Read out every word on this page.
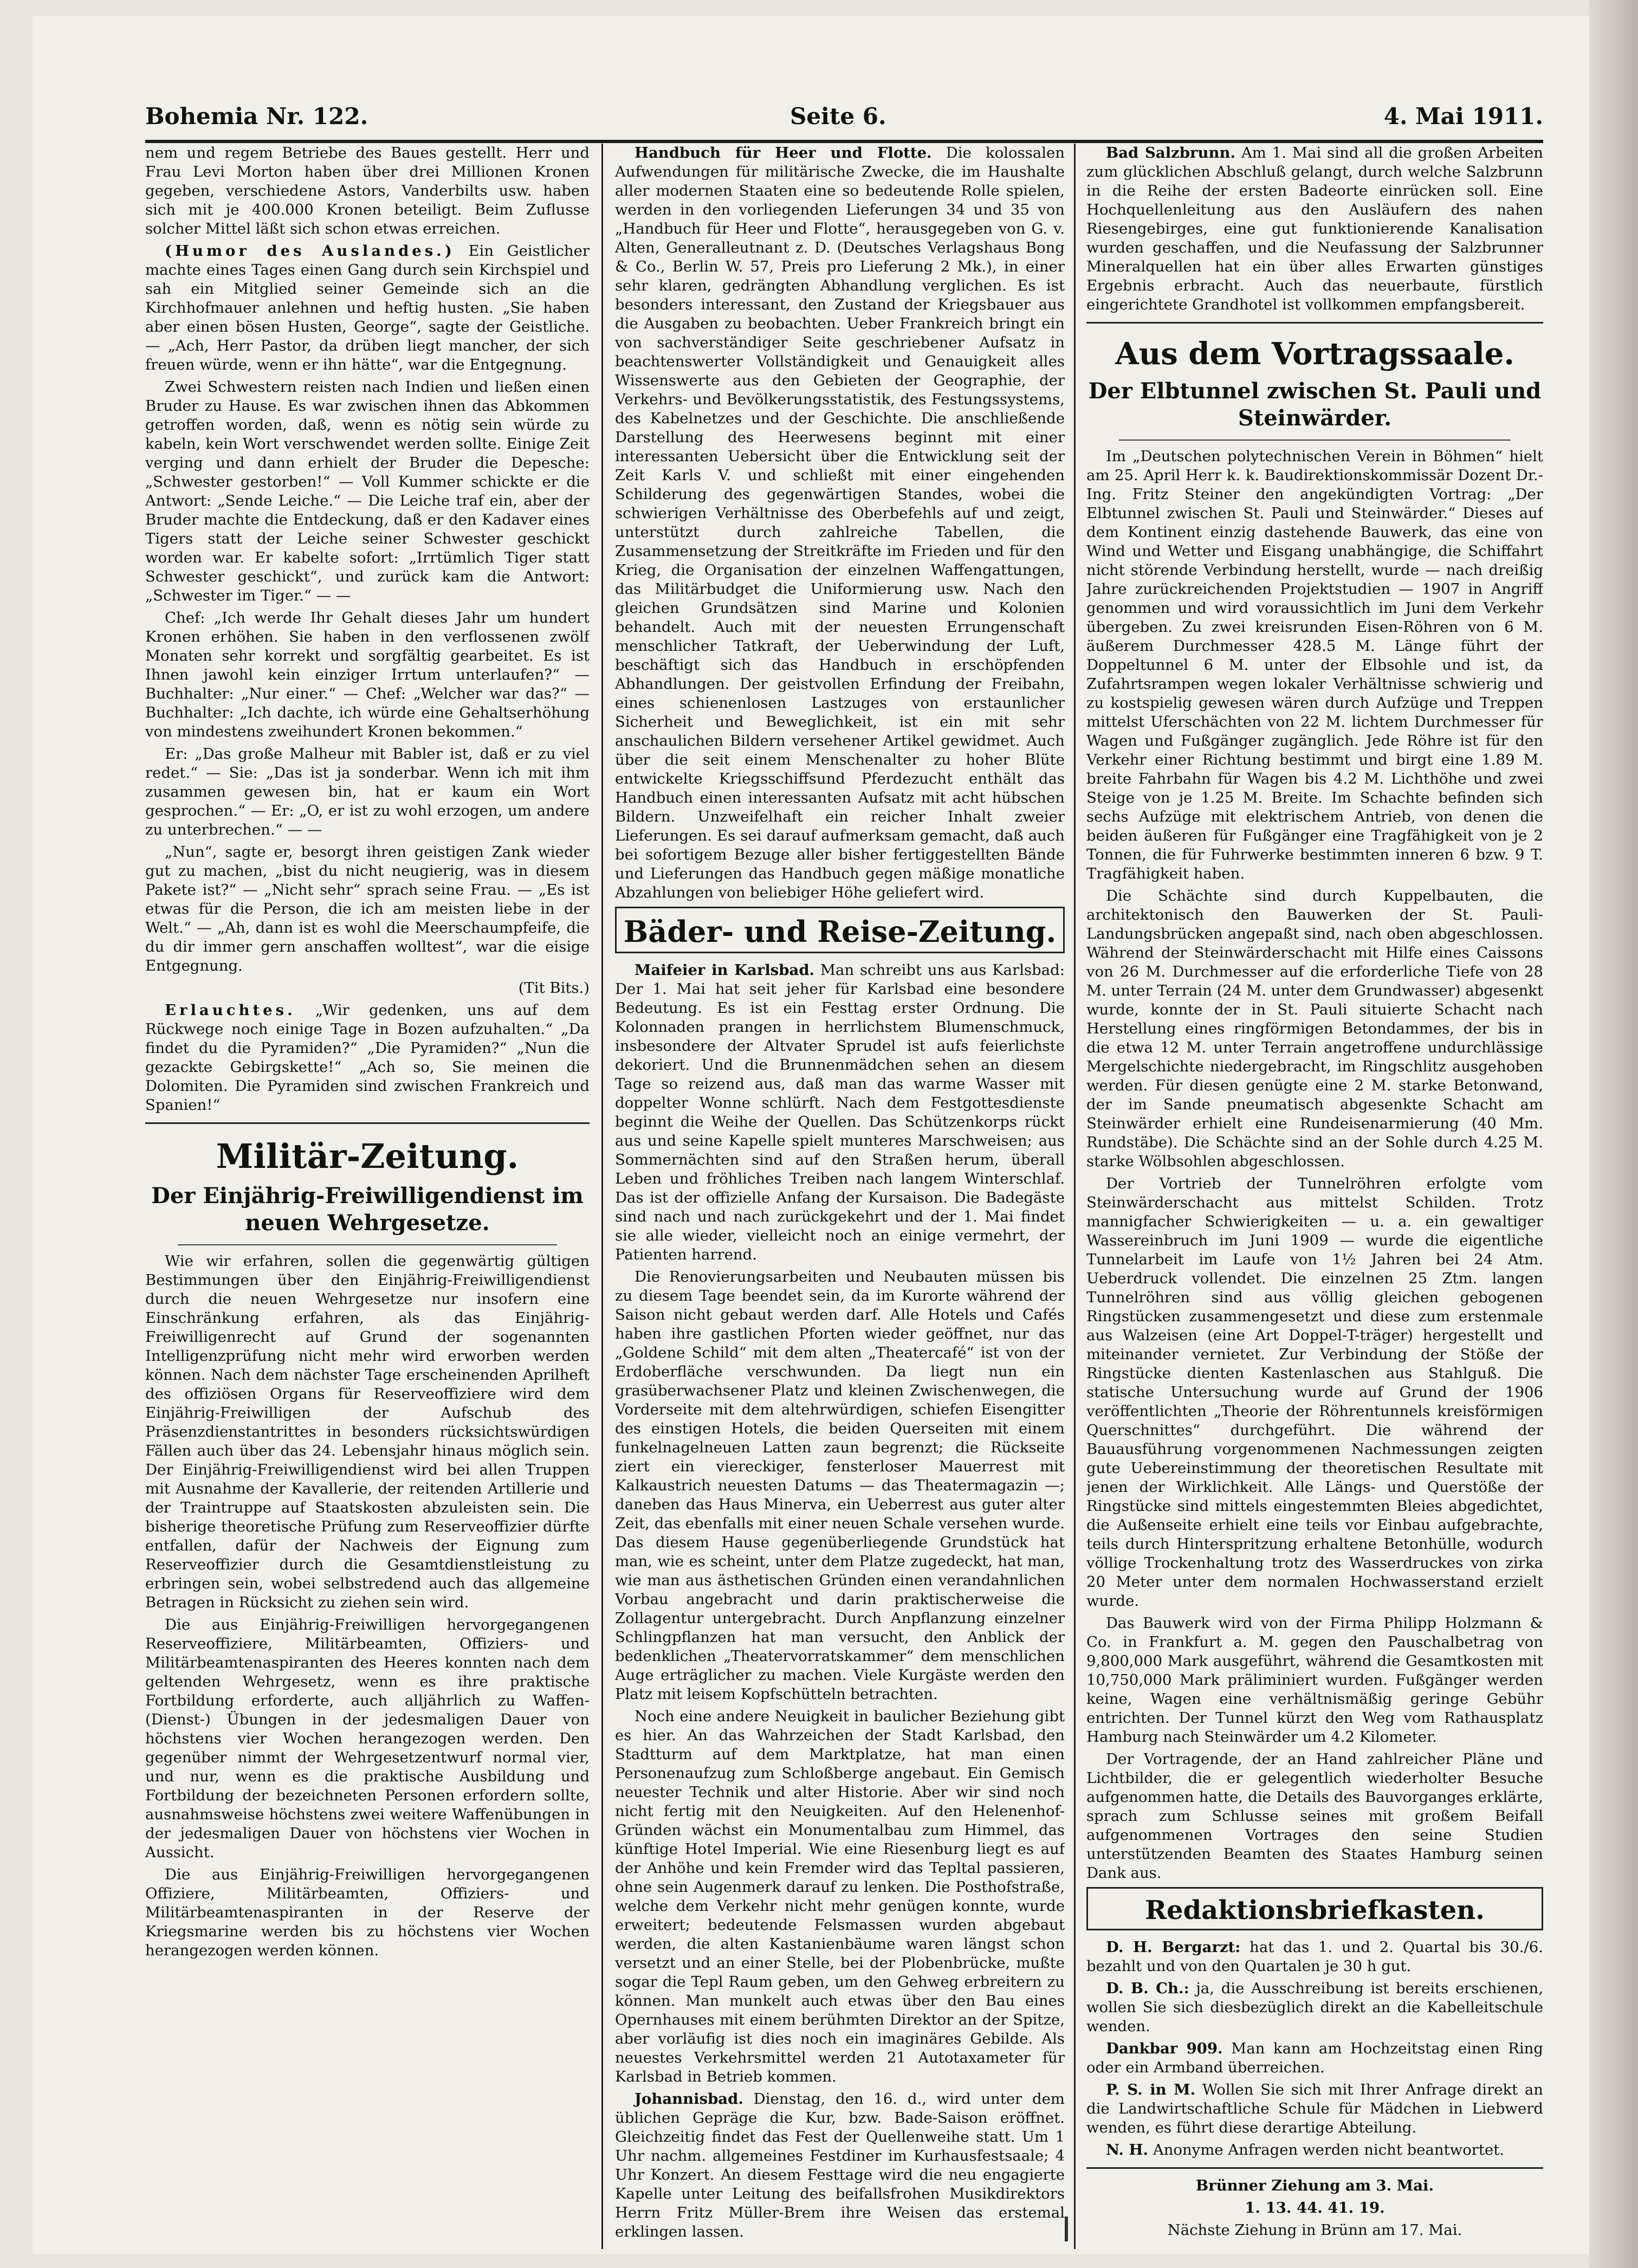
Bohemia Nr. 122.	Seite 6.	4. Mai 1911.

nem und regem Betriebe des Baues gestellt. Herr und Frau Levi Morton haben über drei Millionen Kronen gegeben, verschiedene Astors, Vanderbilts usw. haben sich mit je 400.000 Kronen beteiligt. Beim Zuflusse solcher Mittel läßt sich schon etwas erreichen.

(Humor des Auslandes.) Ein Geistlicher machte eines Tages einen Gang durch sein Kirchspiel und sah ein Mitglied seiner Gemeinde sich an die Kirchhofmauer anlehnen und heftig husten. „Sie haben aber einen bösen Husten, George“, sagte der Geistliche. — „Ach, Herr Pastor, da drüben liegt mancher, der sich freuen würde, wenn er ihn hätte“, war die Entgegnung.

Zwei Schwestern reisten nach Indien und ließen einen Bruder zu Hause. Es war zwischen ihnen das Abkommen getroffen worden, daß, wenn es nötig sein würde zu kabeln, kein Wort verschwendet werden sollte. Einige Zeit verging und dann erhielt der Bruder die Depesche: „Schwester gestorben!“ — Voll Kummer schickte er die Antwort: „Sende Leiche.“ — Die Leiche traf ein, aber der Bruder machte die Entdeckung, daß er den Kadaver eines Tigers statt der Leiche seiner Schwester geschickt worden war. Er kabelte sofort: „Irrtümlich Tiger statt Schwester geschickt“, und zurück kam die Antwort: „Schwester im Tiger.“ — —

Chef: „Ich werde Ihr Gehalt dieses Jahr um hundert Kronen erhöhen. Sie haben in den verflossenen zwölf Monaten sehr korrekt und sorgfältig gearbeitet. Es ist Ihnen jawohl kein einziger Irrtum unterlaufen?“ — Buchhalter: „Nur einer.“ — Chef: „Welcher war das?“ — Buchhalter: „Ich dachte, ich würde eine Gehaltserhöhung von mindestens zweihundert Kronen bekommen.“

Er: „Das große Malheur mit Babler ist, daß er zu viel redet.“ — Sie: „Das ist ja sonderbar. Wenn ich mit ihm zusammen gewesen bin, hat er kaum ein Wort gesprochen.“ — Er: „O, er ist zu wohl erzogen, um andere zu unterbrechen.“ — —

„Nun“, sagte er, besorgt ihren geistigen Zank wieder gut zu machen, „bist du nicht neugierig, was in diesem Pakete ist?“ — „Nicht sehr“ sprach seine Frau. — „Es ist etwas für die Person, die ich am meisten liebe in der Welt.“ — „Ah, dann ist es wohl die Meerschaumpfeife, die du dir immer gern anschaffen wolltest“, war die eisige Entgegnung.

(Tit Bits.)

Erlauchtes. „Wir gedenken, uns auf dem Rückwege noch einige Tage in Bozen aufzuhalten.“ „Da findet du die Pyramiden?“ „Die Pyramiden?“ „Nun die gezackte Gebirgskette!“ „Ach so, Sie meinen die Dolomiten. Die Pyramiden sind zwischen Frankreich und Spanien!“

Militär-Zeitung.
Der Einjährig-Freiwilligendienst im neuen Wehrgesetze.

Wie wir erfahren, sollen die gegenwärtig gültigen Bestimmungen über den Einjährig-Freiwilligendienst durch die neuen Wehrgesetze nur insofern eine Einschränkung erfahren, als das Einjährig-Freiwilligenrecht auf Grund der sogenannten Intelligenzprüfung nicht mehr wird erworben werden können. Nach dem nächster Tage erscheinenden Aprilheft des offiziösen Organs für Reserveoffiziere wird dem Einjährig-Freiwilligen der Aufschub des Präsenzdienstantrittes in besonders rücksichtswürdigen Fällen auch über das 24. Lebensjahr hinaus möglich sein. Der Einjährig-Freiwilligendienst wird bei allen Truppen mit Ausnahme der Kavallerie, der reitenden Artillerie und der Traintruppe auf Staatskosten abzuleisten sein. Die bisherige theoretische Prüfung zum Reserveoffizier dürfte entfallen, dafür der Nachweis der Eignung zum Reserveoffizier durch die Gesamtdienstleistung zu erbringen sein, wobei selbstredend auch das allgemeine Betragen in Rücksicht zu ziehen sein wird.

Die aus Einjährig-Freiwilligen hervorgegangenen Reserveoffiziere, Militärbeamten, Offiziers- und Militärbeamtenaspiranten des Heeres konnten nach dem geltenden Wehrgesetz, wenn es ihre praktische Fortbildung erforderte, auch alljährlich zu Waffen-(Dienst-) Übungen in der jedesmaligen Dauer von höchstens vier Wochen herangezogen werden. Den gegenüber nimmt der Wehrgesetzentwurf normal vier, und nur, wenn es die praktische Ausbildung und Fortbildung der bezeichneten Personen erfordern sollte, ausnahmsweise höchstens zwei weitere Waffenübungen in der jedesmaligen Dauer von höchstens vier Wochen in Aussicht.

Die aus Einjährig-Freiwilligen hervorgegangenen Offiziere, Militärbeamten, Offiziers- und Militärbeamtenaspiranten in der Reserve der Kriegsmarine werden bis zu höchstens vier Wochen herangezogen werden können.

Handbuch für Heer und Flotte. Die kolossalen Aufwendungen für militärische Zwecke, die im Haushalte aller modernen Staaten eine so bedeutende Rolle spielen, werden in den vorliegenden Lieferungen 34 und 35 von „Handbuch für Heer und Flotte“, herausgegeben von G. v. Alten, Generalleutnant z. D. (Deutsches Verlagshaus Bong & Co., Berlin W. 57, Preis pro Lieferung 2 Mk.), in einer sehr klaren, gedrängten Abhandlung verglichen. Es ist besonders interessant, den Zustand der Kriegsbauer aus die Ausgaben zu beobachten. Ueber Frankreich bringt ein von sachverständiger Seite geschriebener Aufsatz in beachtenswerter Vollständigkeit und Genauigkeit alles Wissenswerte aus den Gebieten der Geographie, der Verkehrs- und Bevölkerungsstatistik, des Festungssystems, des Kabelnetzes und der Geschichte. Die anschließende Darstellung des Heerwesens beginnt mit einer interessanten Uebersicht über die Entwicklung seit der Zeit Karls V. und schließt mit einer eingehenden Schilderung des gegenwärtigen Standes, wobei die schwierigen Verhältnisse des Oberbefehls auf und zeigt, unterstützt durch zahlreiche Tabellen, die Zusammensetzung der Streitkräfte im Frieden und für den Krieg, die Organisation der einzelnen Waffengattungen, das Militärbudget die Uniformierung usw. Nach den gleichen Grundsätzen sind Marine und Kolonien behandelt. Auch mit der neuesten Errungenschaft menschlicher Tatkraft, der Ueberwindung der Luft, beschäftigt sich das Handbuch in erschöpfenden Abhandlungen. Der geistvollen Erfindung der Freibahn, eines schienenlosen Lastzuges von erstaunlicher Sicherheit und Beweglichkeit, ist ein mit sehr anschaulichen Bildern versehener Artikel gewidmet. Auch über die seit einem Menschenalter zu hoher Blüte entwickelte Kriegsschiffsund Pferdezucht enthält das Handbuch einen interessanten Aufsatz mit acht hübschen Bildern. Unzweifelhaft ein reicher Inhalt zweier Lieferungen. Es sei darauf aufmerksam gemacht, daß auch bei sofortigem Bezuge aller bisher fertiggestellten Bände und Lieferungen das Handbuch gegen mäßige monatliche Abzahlungen von beliebiger Höhe geliefert wird.

Bäder- und Reise-Zeitung.

Maifeier in Karlsbad. Man schreibt uns aus Karlsbad: Der 1. Mai hat seit jeher für Karlsbad eine besondere Bedeutung. Es ist ein Festtag erster Ordnung. Die Kolonnaden prangen in herrlichstem Blumenschmuck, insbesondere der Altvater Sprudel ist aufs feierlichste dekoriert. Und die Brunnenmädchen sehen an diesem Tage so reizend aus, daß man das warme Wasser mit doppelter Wonne schlürft. Nach dem Festgottesdienste beginnt die Weihe der Quellen. Das Schützenkorps rückt aus und seine Kapelle spielt munteres Marschweisen; aus Sommernächten sind auf den Straßen herum, überall Leben und fröhliches Treiben nach langem Winterschlaf. Das ist der offizielle Anfang der Kursaison. Die Badegäste sind nach und nach zurückgekehrt und der 1. Mai findet sie alle wieder, vielleicht noch an einige vermehrt, der Patienten harrend.

Die Renovierungsarbeiten und Neubauten müssen bis zu diesem Tage beendet sein, da im Kurorte während der Saison nicht gebaut werden darf. Alle Hotels und Cafés haben ihre gastlichen Pforten wieder geöffnet, nur das „Goldene Schild“ mit dem alten „Theatercafé“ ist von der Erdoberfläche verschwunden. Da liegt nun ein grasüberwachsener Platz und kleinen Zwischenwegen, die Vorderseite mit dem altehrwürdigen, schiefen Eisengitter des einstigen Hotels, die beiden Querseiten mit einem funkelnagelneuen Latten zaun begrenzt; die Rückseite ziert ein viereckiger, fensterloser Mauerrest mit Kalkaustrich neuesten Datums — das Theatermagazin —; daneben das Haus Minerva, ein Ueberrest aus guter alter Zeit, das ebenfalls mit einer neuen Schale versehen wurde. Das diesem Hause gegenüberliegende Grundstück hat man, wie es scheint, unter dem Platze zugedeckt, hat man, wie man aus ästhetischen Gründen einen verandahnlichen Vorbau angebracht und darin praktischerweise die Zollagentur untergebracht. Durch Anpflanzung einzelner Schlingpflanzen hat man versucht, den Anblick der bedenklichen „Theatervorratskammer“ dem menschlichen Auge erträglicher zu machen. Viele Kurgäste werden den Platz mit leisem Kopfschütteln betrachten.

Noch eine andere Neuigkeit in baulicher Beziehung gibt es hier. An das Wahrzeichen der Stadt Karlsbad, den Stadtturm auf dem Marktplatze, hat man einen Personenaufzug zum Schloßberge angebaut. Ein Gemisch neuester Technik und alter Historie. Aber wir sind noch nicht fertig mit den Neuigkeiten. Auf den Helenenhof-Gründen wächst ein Monumentalbau zum Himmel, das künftige Hotel Imperial. Wie eine Riesenburg liegt es auf der Anhöhe und kein Fremder wird das Tepltal passieren, ohne sein Augenmerk darauf zu lenken. Die Posthofstraße, welche dem Verkehr nicht mehr genügen konnte, wurde erweitert; bedeutende Felsmassen wurden abgebaut werden, die alten Kastanienbäume waren längst schon versetzt und an einer Stelle, bei der Plobenbrücke, mußte sogar die Tepl Raum geben, um den Gehweg erbreitern zu können. Man munkelt auch etwas über den Bau eines Opernhauses mit einem berühmten Direktor an der Spitze, aber vorläufig ist dies noch ein imaginäres Gebilde. Als neuestes Verkehrsmittel werden 21 Autotaxameter für Karlsbad in Betrieb kommen.

Johannisbad. Dienstag, den 16. d., wird unter dem üblichen Gepräge die Kur, bzw. Bade-Saison eröffnet. Gleichzeitig findet das Fest der Quellenweihe statt. Um 1 Uhr nachm. allgemeines Festdiner im Kurhausfestsaale; 4 Uhr Konzert. An diesem Festtage wird die neu engagierte Kapelle unter Leitung des beifallsfrohen Musikdirektors Herrn Fritz Müller-Brem ihre Weisen das erstemal erklingen lassen.

Bad Salzbrunn. Am 1. Mai sind all die großen Arbeiten zum glücklichen Abschluß gelangt, durch welche Salzbrunn in die Reihe der ersten Badeorte einrücken soll. Eine Hochquellenleitung aus den Ausläufern des nahen Riesengebirges, eine gut funktionierende Kanalisation wurden geschaffen, und die Neufassung der Salzbrunner Mineralquellen hat ein über alles Erwarten günstiges Ergebnis erbracht. Auch das neuerbaute, fürstlich eingerichtete Grandhotel ist vollkommen empfangsbereit.

Aus dem Vortragssaale.
Der Elbtunnel zwischen St. Pauli und Steinwärder.

Im „Deutschen polytechnischen Verein in Böhmen“ hielt am 25. April Herr k. k. Baudirektionskommissär Dozent Dr.-Ing. Fritz Steiner den angekündigten Vortrag: „Der Elbtunnel zwischen St. Pauli und Steinwärder.“ Dieses auf dem Kontinent einzig dastehende Bauwerk, das eine von Wind und Wetter und Eisgang unabhängige, die Schiffahrt nicht störende Verbindung herstellt, wurde — nach dreißig Jahre zurückreichenden Projektstudien — 1907 in Angriff genommen und wird voraussichtlich im Juni dem Verkehr übergeben. Zu zwei kreisrunden Eisen-Röhren von 6 M. äußerem Durchmesser 428.5 M. Länge führt der Doppeltunnel 6 M. unter der Elbsohle und ist, da Zufahrtsrampen wegen lokaler Verhältnisse schwierig und zu kostspielig gewesen wären durch Aufzüge und Treppen mittelst Uferschächten von 22 M. lichtem Durchmesser für Wagen und Fußgänger zugänglich. Jede Röhre ist für den Verkehr einer Richtung bestimmt und birgt eine 1.89 M. breite Fahrbahn für Wagen bis 4.2 M. Lichthöhe und zwei Steige von je 1.25 M. Breite. Im Schachte befinden sich sechs Aufzüge mit elektrischem Antrieb, von denen die beiden äußeren für Fußgänger eine Tragfähigkeit von je 2 Tonnen, die für Fuhrwerke bestimmten inneren 6 bzw. 9 T. Tragfähigkeit haben.

Die Schächte sind durch Kuppelbauten, die architektonisch den Bauwerken der St. Pauli-Landungsbrücken angepaßt sind, nach oben abgeschlossen. Während der Steinwärderschacht mit Hilfe eines Caissons von 26 M. Durchmesser auf die erforderliche Tiefe von 28 M. unter Terrain (24 M. unter dem Grundwasser) abgesenkt wurde, konnte der in St. Pauli situierte Schacht nach Herstellung eines ringförmigen Betondammes, der bis in die etwa 12 M. unter Terrain angetroffene undurchlässige Mergelschichte niedergebracht, im Ringschlitz ausgehoben werden. Für diesen genügte eine 2 M. starke Betonwand, der im Sande pneumatisch abgesenkte Schacht am Steinwärder erhielt eine Rundeisenarmierung (40 Mm. Rundstäbe). Die Schächte sind an der Sohle durch 4.25 M. starke Wölbsohlen abgeschlossen.

Der Vortrieb der Tunnelröhren erfolgte vom Steinwärderschacht aus mittelst Schilden. Trotz mannigfacher Schwierigkeiten — u. a. ein gewaltiger Wassereinbruch im Juni 1909 — wurde die eigentliche Tunnelarbeit im Laufe von 1½ Jahren bei 24 Atm. Ueberdruck vollendet. Die einzelnen 25 Ztm. langen Tunnelröhren sind aus völlig gleichen gebogenen Ringstücken zusammengesetzt und diese zum erstenmale aus Walzeisen (eine Art Doppel-T-träger) hergestellt und miteinander vernietet. Zur Verbindung der Stöße der Ringstücke dienten Kastenlaschen aus Stahlguß. Die statische Untersuchung wurde auf Grund der 1906 veröffentlichten „Theorie der Röhrentunnels kreisförmigen Querschnittes“ durchgeführt. Die während der Bauausführung vorgenommenen Nachmessungen zeigten gute Uebereinstimmung der theoretischen Resultate mit jenen der Wirklichkeit. Alle Längs- und Querstöße der Ringstücke sind mittels eingestemmten Bleies abgedichtet, die Außenseite erhielt eine teils vor Einbau aufgebrachte, teils durch Hinterspritzung erhaltene Betonhülle, wodurch völlige Trockenhaltung trotz des Wasserdruckes von zirka 20 Meter unter dem normalen Hochwasserstand erzielt wurde.

Das Bauwerk wird von der Firma Philipp Holzmann & Co. in Frankfurt a. M. gegen den Pauschalbetrag von 9,800,000 Mark ausgeführt, während die Gesamtkosten mit 10,750,000 Mark präliminiert wurden. Fußgänger werden keine, Wagen eine verhältnismäßig geringe Gebühr entrichten. Der Tunnel kürzt den Weg vom Rathausplatz Hamburg nach Steinwärder um 4.2 Kilometer.

Der Vortragende, der an Hand zahlreicher Pläne und Lichtbilder, die er gelegentlich wiederholter Besuche aufgenommen hatte, die Details des Bauvorganges erklärte, sprach zum Schlusse seines mit großem Beifall aufgenommenen Vortrages den seine Studien unterstützenden Beamten des Staates Hamburg seinen Dank aus.

Redaktionsbriefkasten.

D. H. Bergarzt: hat das 1. und 2. Quartal bis 30./6. bezahlt und von den Quartalen je 30 h gut.

D. B. Ch.: ja, die Ausschreibung ist bereits erschienen, wollen Sie sich diesbezüglich direkt an die Kabelleitschule wenden.

Dankbar 909. Man kann am Hochzeitstag einen Ring oder ein Armband überreichen.

P. S. in M. Wollen Sie sich mit Ihrer Anfrage direkt an die Landwirtschaftliche Schule für Mädchen in Liebwerd wenden, es führt diese derartige Abteilung.

N. H. Anonyme Anfragen werden nicht beantwortet.

Brünner Ziehung am 3. Mai.

1. 13. 44. 41. 19.

Nächste Ziehung in Brünn am 17. Mai.
